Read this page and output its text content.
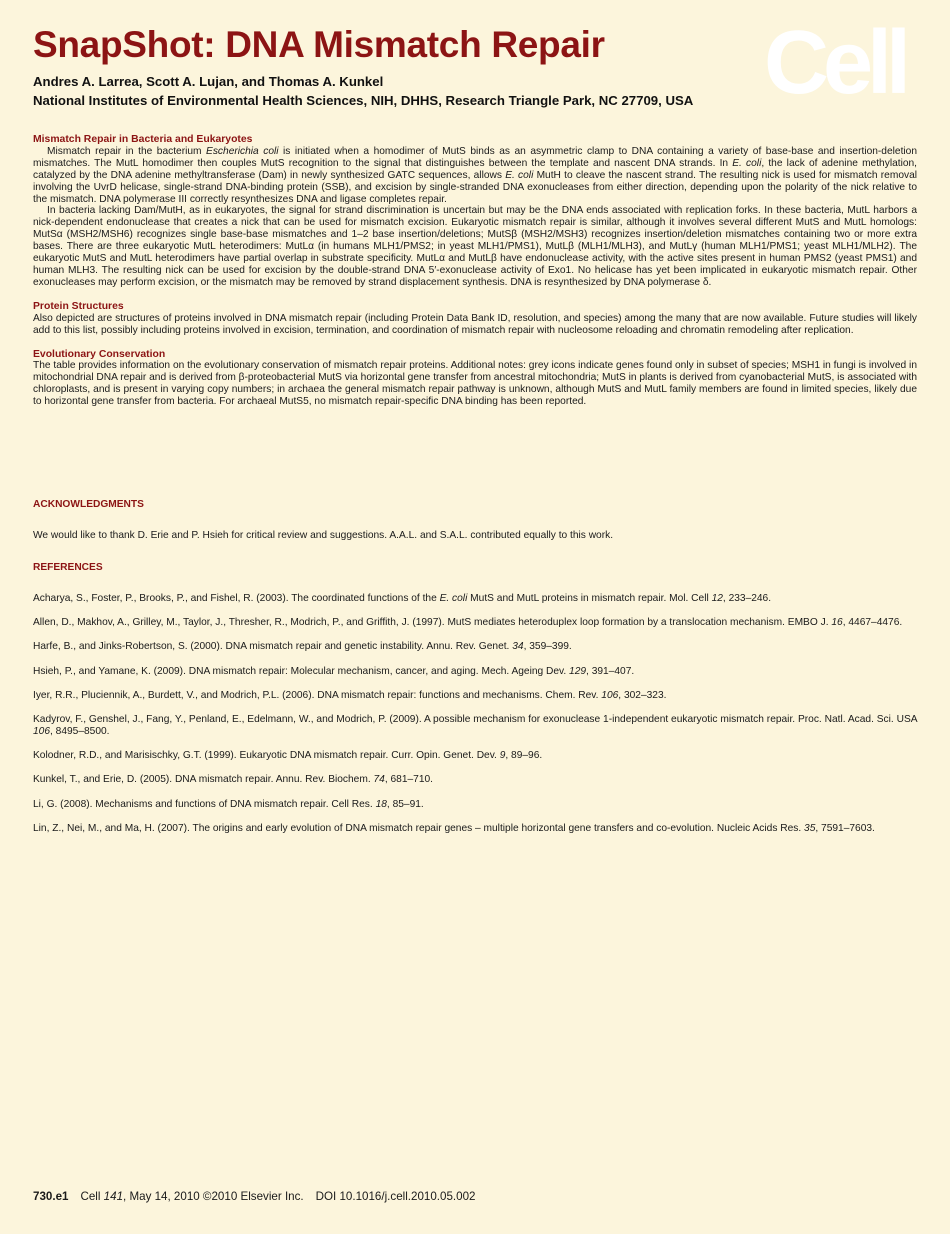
SnapShot: DNA Mismatch Repair
Andres A. Larrea, Scott A. Lujan, and Thomas A. Kunkel
National Institutes of Environmental Health Sciences, NIH, DHHS, Research Triangle Park, NC 27709, USA Cell
Mismatch Repair in Bacteria and Eukaryotes

Mismatch repair in the bacterium Escherichia coli is initiated when a homodimer of MutS binds as an asymmetric clamp to DNA containing a variety of base-base and insertion-deletion mismatches. The MutL homodimer then couples MutS recognition to the signal that distinguishes between the template and nascent DNA strands. In E. coli, the lack of adenine methylation, catalyzed by the DNA adenine methyltransferase (Dam) in newly synthesized GATC sequences, allows E. coli MutH to cleave the nascent strand. The resulting nick is used for mismatch removal involving the UvrD helicase, single-strand DNA-binding protein (SSB), and excision by single-stranded DNA exonucleases from either direction, depending upon the polarity of the nick relative to the mismatch. DNA polymerase III correctly resynthesizes DNA and ligase completes repair.

In bacteria lacking Dam/MutH, as in eukaryotes, the signal for strand discrimination is uncertain but may be the DNA ends associated with replication forks. In these bacteria, MutL harbors a nick-dependent endonuclease that creates a nick that can be used for mismatch excision. Eukaryotic mismatch repair is similar, although it involves several different MutS and MutL homologs: MutSα (MSH2/MSH6) recognizes single base-base mismatches and 1–2 base insertion/deletions; MutSβ (MSH2/MSH3) recognizes insertion/deletion mismatches containing two or more extra bases. There are three eukaryotic MutL heterodimers: MutLα (in humans MLH1/PMS2; in yeast MLH1/PMS1), MutLβ (MLH1/MLH3), and MutLγ (human MLH1/PMS1; yeast MLH1/MLH2). The eukaryotic MutS and MutL heterodimers have partial overlap in substrate specificity. MutLα and MutLβ have endonuclease activity, with the active sites present in human PMS2 (yeast PMS1) and human MLH3. The resulting nick can be used for excision by the double-strand DNA 5′-exonuclease activity of Exo1. No helicase has yet been implicated in eukaryotic mismatch repair. Other exonucleases may perform excision, or the mismatch may be removed by strand displacement synthesis. DNA is resynthesized by DNA polymerase δ.

Protein Structures

Also depicted are structures of proteins involved in DNA mismatch repair (including Protein Data Bank ID, resolution, and species) among the many that are now available. Future studies will likely add to this list, possibly including proteins involved in excision, termination, and coordination of mismatch repair with nucleosome reloading and chromatin remodeling after replication.

Evolutionary Conservation

The table provides information on the evolutionary conservation of mismatch repair proteins. Additional notes: grey icons indicate genes found only in subset of species; MSH1 in fungi is involved in mitochondrial DNA repair and is derived from β-proteobacterial MutS via horizontal gene transfer from ancestral mitochondria; MutS in plants is derived from cyanobacterial MutS, is associated with chloroplasts, and is present in varying copy numbers; in archaea the general mismatch repair pathway is unknown, although MutS and MutL family members are found in limited species, likely due to horizontal gene transfer from bacteria. For archaeal MutS5, no mismatch repair-specific DNA binding has been reported.

ACKNOWLEDGMENTS

We would like to thank D. Erie and P. Hsieh for critical review and suggestions. A.A.L. and S.A.L. contributed equally to this work.

REFERENCES
Acharya, S., Foster, P., Brooks, P., and Fishel, R. (2003). The coordinated functions of the E. coli MutS and MutL proteins in mismatch repair. Mol. Cell 12, 233–246.
Allen, D., Makhov, A., Grilley, M., Taylor, J., Thresher, R., Modrich, P., and Griffith, J. (1997). MutS mediates heteroduplex loop formation by a translocation mechanism. EMBO J. 16, 4467–4476.
Harfe, B., and Jinks-Robertson, S. (2000). DNA mismatch repair and genetic instability. Annu. Rev. Genet. 34, 359–399.
Hsieh, P., and Yamane, K. (2009). DNA mismatch repair: Molecular mechanism, cancer, and aging. Mech. Ageing Dev. 129, 391–407.
Iyer, R.R., Pluciennik, A., Burdett, V., and Modrich, P.L. (2006). DNA mismatch repair: functions and mechanisms. Chem. Rev. 106, 302–323.
Kadyrov, F., Genshel, J., Fang, Y., Penland, E., Edelmann, W., and Modrich, P. (2009). A possible mechanism for exonuclease 1-independent eukaryotic mismatch repair. Proc. Natl. Acad. Sci. USA 106, 8495–8500.
Kolodner, R.D., and Marisischky, G.T. (1999). Eukaryotic DNA mismatch repair. Curr. Opin. Genet. Dev. 9, 89–96.
Kunkel, T., and Erie, D. (2005). DNA mismatch repair. Annu. Rev. Biochem. 74, 681–710.
Li, G. (2008). Mechanisms and functions of DNA mismatch repair. Cell Res. 18, 85–91.
Lin, Z., Nei, M., and Ma, H. (2007). The origins and early evolution of DNA mismatch repair genes – multiple horizontal gene transfers and co-evolution. Nucleic Acids Res. 35, 7591–7603.
730.e1 Cell 141, May 14, 2010 ©2010 Elsevier Inc. DOI 10.1016/j.cell.2010.05.002
